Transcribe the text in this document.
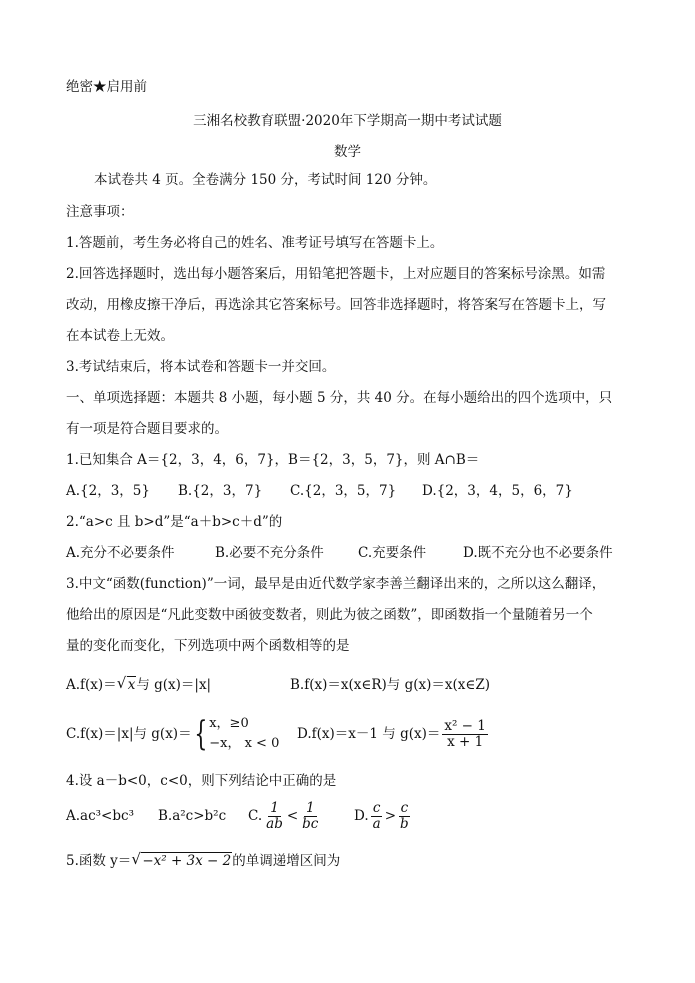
绝密★启用前
三湘名校教育联盟·2020年下学期高一期中考试试题
数学
本试卷共 4 页。全卷满分 150 分，考试时间 120 分钟。
注意事项：
1.答题前，考生务必将自己的姓名、准考证号填写在答题卡上。
2.回答选择题时，选出每小题答案后，用铅笔把答题卡，上对应题目的答案标号涂黑。如需
改动，用橡皮擦干净后，再选涂其它答案标号。回答非选择题时，将答案写在答题卡上，写
在本试卷上无效。
3.考试结束后，将本试卷和答题卡一并交回。
一、单项选择题：本题共 8 小题，每小题 5 分，共 40 分。在每小题给出的四个选项中，只
有一项是符合题目要求的。
1.已知集合 A＝{2，3，4，6，7}，B＝{2，3，5，7}，则 A∩B＝
A.{2，3，5} B.{2，3，7} C.{2，3，5，7} D.{2，3，4，5，6，7}
2.“a>c 且 b>d”是“a＋b>c＋d”的
A.充分不必要条件	B.必要不充分条件	C.充要条件	D.既不充分也不必要条件
3.中文“函数(function)”一词，最早是由近代数学家李善兰翻译出来的，之所以这么翻译，
他给出的原因是“凡此变数中函彼变数者，则此为彼之函数”，即函数指一个量随着另一个
量的变化而变化，下列选项中两个函数相等的是
A.f(x)＝ √ x与 g(x)＝|x|	B.f(x)＝x(x∈R)与 g(x)＝x(x∈Z)
C.f(x)＝|x|与 g(x)＝ { x，≥0
−x， x < 0
D.f(x)＝x－1 与 $g(x)= \frac{\text{x² − 1}}{x + 1}$
4.设 a－b<0，c<0，则下列结论中正确的是
A.ac³<bc³ B.a²c>b²c C. $\frac{1}{ab} < \frac{1}{bc} D$. $\frac{c}{a} > \frac{c}{b}$
5.函数 y＝ √ −x² + 3x − 2的单调递增区间为
